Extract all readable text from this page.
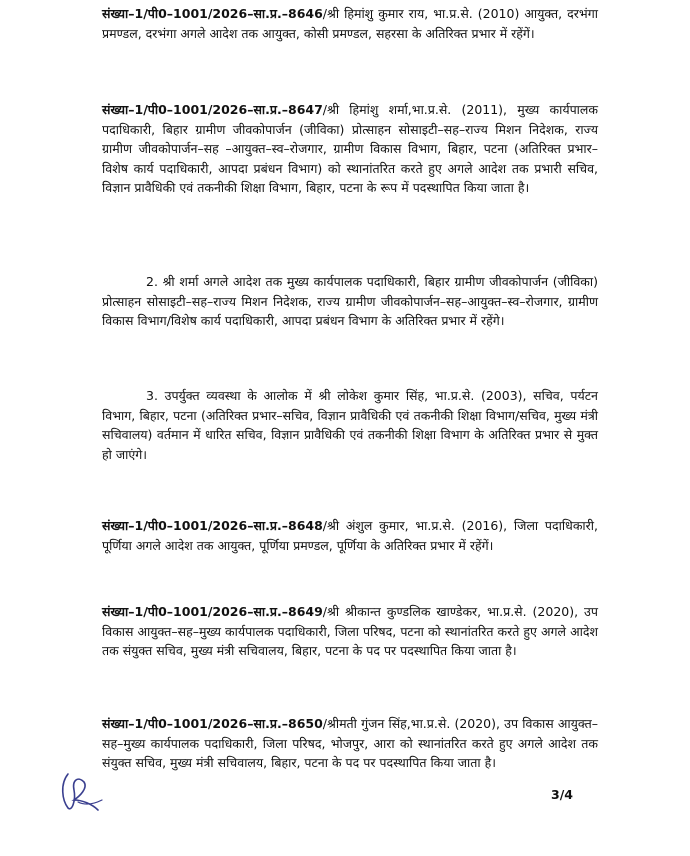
संख्या–1/पी0–1001/2026–सा.प्र.–8646/श्री हिमांशु कुमार राय, भा.प्र.से. (2010) आयुक्त, दरभंगा प्रमण्डल, दरभंगा अगले आदेश तक आयुक्त, कोसी प्रमण्डल, सहरसा के अतिरिक्त प्रभार में रहेंगें।

संख्या–1/पी0–1001/2026–सा.प्र.–8647/श्री हिमांशु शर्मा,भा.प्र.से. (2011), मुख्य कार्यपालक पदाधिकारी, बिहार ग्रामीण जीवकोपार्जन (जीविका) प्रोत्साहन सोसाइटी–सह–राज्य मिशन निदेशक, राज्य ग्रामीण जीवकोपार्जन–सह –आयुक्त–स्व–रोजगार, ग्रामीण विकास विभाग, बिहार, पटना (अतिरिक्त प्रभार–विशेष कार्य पदाधिकारी, आपदा प्रबंधन विभाग) को स्थानांतरित करते हुए अगले आदेश तक प्रभारी सचिव, विज्ञान प्रावैधिकी एवं तकनीकी शिक्षा विभाग, बिहार, पटना के रूप में पदस्थापित किया जाता है।

2. श्री शर्मा अगले आदेश तक मुख्य कार्यपालक पदाधिकारी, बिहार ग्रामीण जीवकोपार्जन (जीविका) प्रोत्साहन सोसाइटी–सह–राज्य मिशन निदेशक, राज्य ग्रामीण जीवकोपार्जन–सह–आयुक्त–स्व–रोजगार, ग्रामीण विकास विभाग/विशेष कार्य पदाधिकारी, आपदा प्रबंधन विभाग के अतिरिक्त प्रभार में रहेंगे।

3. उपर्युक्त व्यवस्था के आलोक में श्री लोकेश कुमार सिंह, भा.प्र.से. (2003), सचिव, पर्यटन विभाग, बिहार, पटना (अतिरिक्त प्रभार–सचिव, विज्ञान प्रावैधिकी एवं तकनीकी शिक्षा विभाग/सचिव, मुख्य मंत्री सचिवालय) वर्तमान में धारित सचिव, विज्ञान प्रावैधिकी एवं तकनीकी शिक्षा विभाग के अतिरिक्त प्रभार से मुक्त हो जाएंगे।

संख्या–1/पी0–1001/2026–सा.प्र.–8648/श्री अंशुल कुमार, भा.प्र.से. (2016), जिला पदाधिकारी, पूर्णिया अगले आदेश तक आयुक्त, पूर्णिया प्रमण्डल, पूर्णिया के अतिरिक्त प्रभार में रहेंगें।

संख्या–1/पी0–1001/2026–सा.प्र.–8649/श्री श्रीकान्त कुण्डलिक खाण्डेकर, भा.प्र.से. (2020), उप विकास आयुक्त–सह–मुख्य कार्यपालक पदाधिकारी, जिला परिषद, पटना को स्थानांतरित करते हुए अगले आदेश तक संयुक्त सचिव, मुख्य मंत्री सचिवालय, बिहार, पटना के पद पर पदस्थापित किया जाता है।

संख्या–1/पी0–1001/2026–सा.प्र.–8650/श्रीमती गुंजन सिंह,भा.प्र.से. (2020), उप विकास आयुक्त–सह–मुख्य कार्यपालक पदाधिकारी, जिला परिषद, भोजपुर, आरा को स्थानांतरित करते हुए अगले आदेश तक संयुक्त सचिव, मुख्य मंत्री सचिवालय, बिहार, पटना के पद पर पदस्थापित किया जाता है।

3/4
